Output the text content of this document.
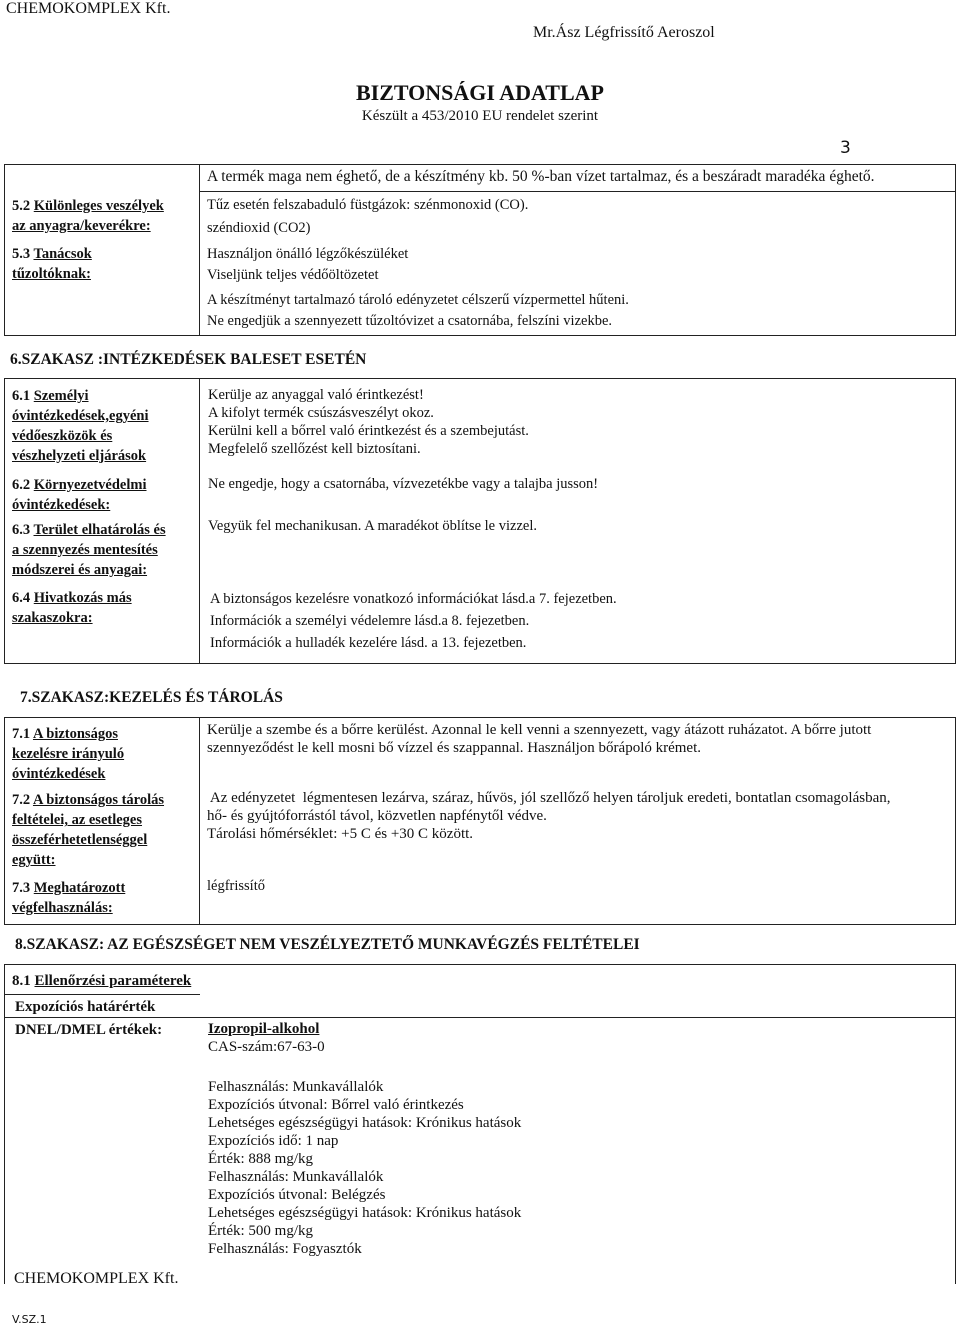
CHEMOKOMPLEX Kft.
Mr.Ász Légfrissítő Aeroszol
BIZTONSÁGI ADATLAP
Készült a 453/2010 EU rendelet szerint
3
5.2 Különleges veszélyek
az anyagra/keverékre:
5.3 Tanácsok
tűzoltóknak:
A termék maga nem éghető, de a készítmény kb. 50 %-ban vízet tartalmaz, és a beszáradt maradéka éghető.
Tűz esetén felszabaduló füstgázok: szénmonoxid (CO).
széndioxid (CO2)
Használjon önálló légzőkészüléket
Viseljünk teljes védőöltözetet
A készítményt tartalmazó tároló edényzetet célszerű vízpermettel hűteni.
Ne engedjük a szennyezett tűzoltóvizet a csatornába, felszíni vizekbe.
6.SZAKASZ :INTÉZKEDÉSEK BALESET ESETÉN
6.1 Személyi
óvintézkedések,egyéni
védőeszközök és
vészhelyzeti eljárások
6.2 Környezetvédelmi
óvintézkedések:
6.3 Terület elhatárolás és
a szennyezés mentesítés
módszerei és anyagai:
6.4 Hivatkozás más
szakaszokra:
Kerülje az anyaggal való érintkezést!
A kifolyt termék csúszásveszélyt okoz.
Kerülni kell a bőrrel való érintkezést és a szembejutást.
Megfelelő szellőzést kell biztosítani.
Ne engedje, hogy a csatornába, vízvezetékbe vagy a talajba jusson!
Vegyük fel mechanikusan. A maradékot öblítse le vizzel.
A biztonságos kezelésre vonatkozó információkat lásd.a 7. fejezetben.
Információk a személyi védelemre lásd.a 8. fejezetben.
Információk a hulladék kezelére lásd. a 13. fejezetben.
7.SZAKASZ:KEZELÉS ÉS TÁROLÁS
7.1 A biztonságos
kezelésre irányuló
óvintézkedések
7.2 A biztonságos tárolás
feltételei, az esetleges
összeférhetetlenséggel
együtt:
7.3 Meghatározott
végfelhasználás:
Kerülje a szembe és a bőrre kerülést. Azonnal le kell venni a szennyezett, vagy átázott ruházatot. A bőrre jutott
szennyeződést le kell mosni bő vízzel és szappannal. Használjon bőrápoló krémet.
Az edényzetet  légmentesen lezárva, száraz, hűvös, jól szellőző helyen tároljuk eredeti, bontatlan csomagolásban,
hő- és gyújtóforrástól távol, közvetlen napfénytől védve.
Tárolási hőmérséklet: +5 C és +30 C között.
légfrissítő
8.SZAKASZ: AZ EGÉSZSÉGET NEM VESZÉLYEZTETŐ MUNKAVÉGZÉS FELTÉTELEI
8.1 Ellenőrzési paraméterek
Expozíciós határérték
DNEL/DMEL értékek:	Izopropil-alkohol
CAS-szám:67-63-0
Felhasználás: Munkavállalók
Expozíciós útvonal: Bőrrel való érintkezés
Lehetséges egészségügyi hatások: Krónikus hatások
Expozíciós idő: 1 nap
Érték: 888 mg/kg
Felhasználás: Munkavállalók
Expozíciós útvonal: Belégzés
Lehetséges egészségügyi hatások: Krónikus hatások
Érték: 500 mg/kg
Felhasználás: Fogyasztók
CHEMOKOMPLEX Kft.
V.SZ.1
